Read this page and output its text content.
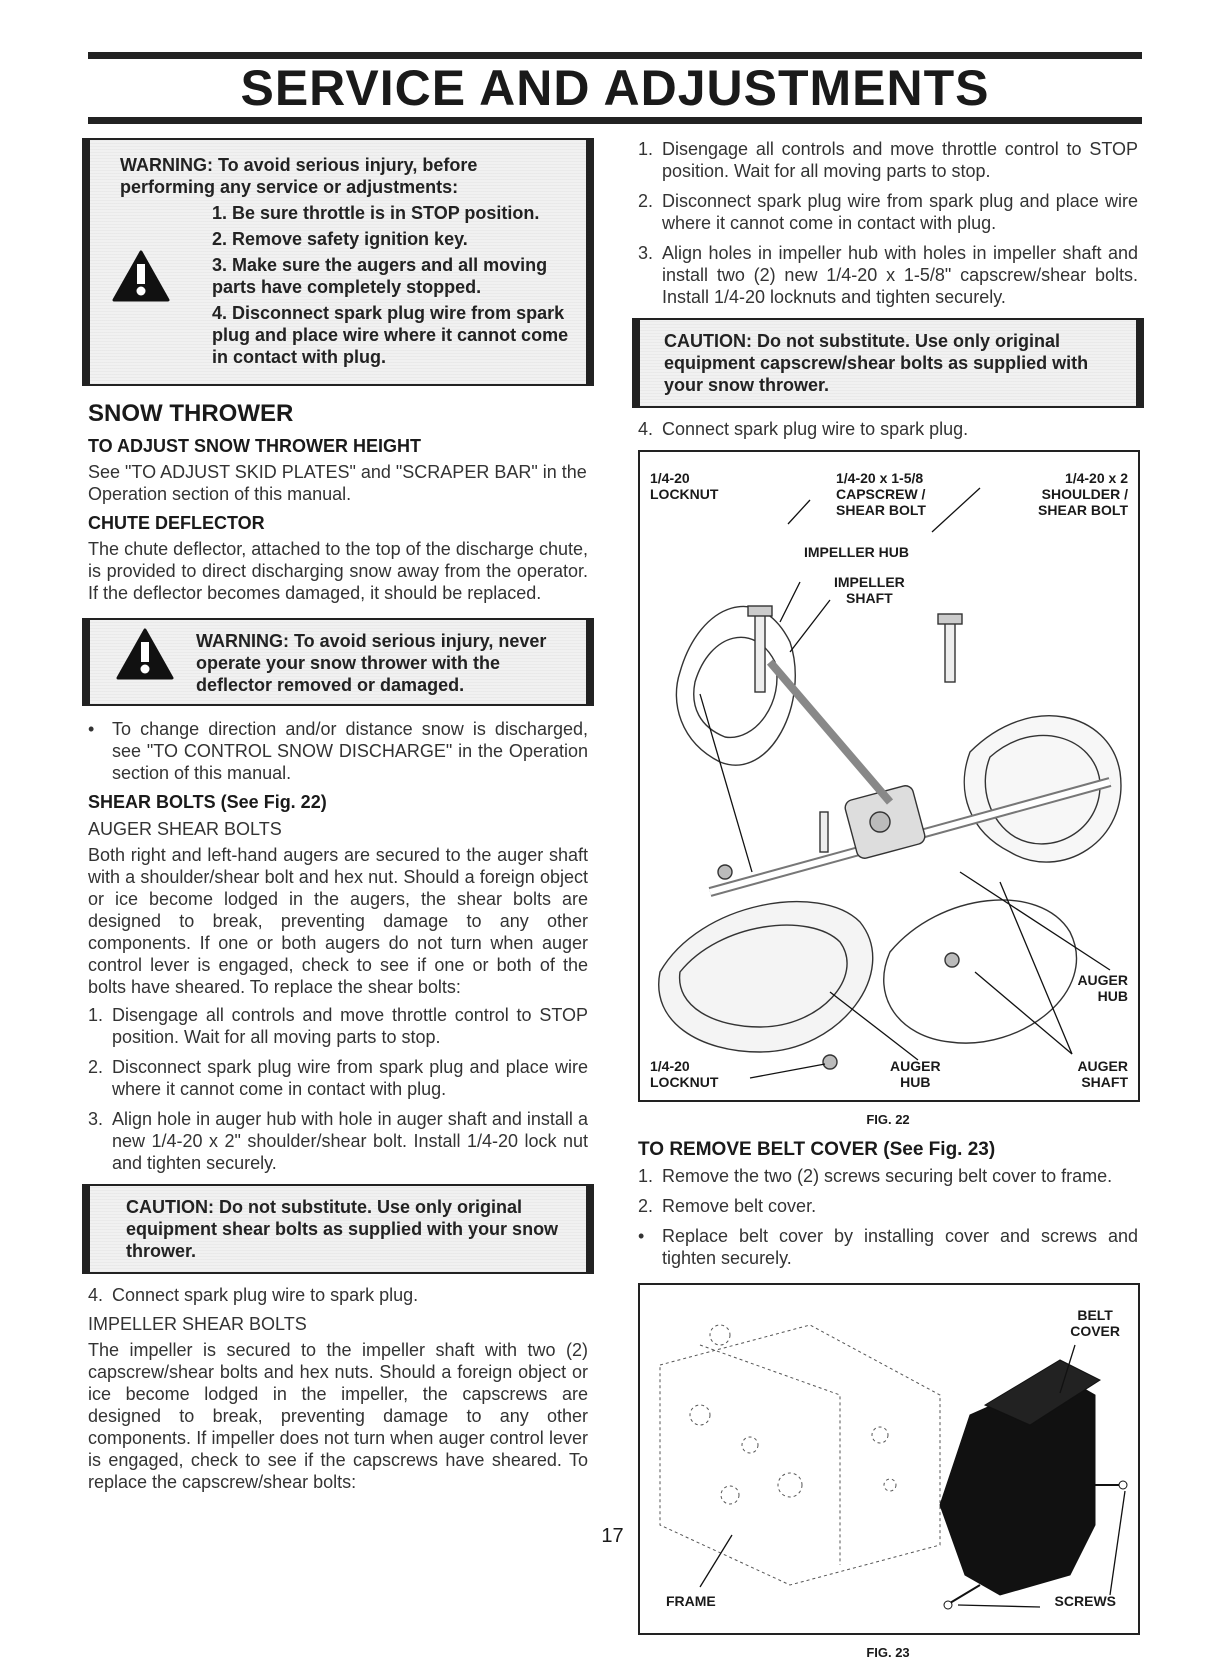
SERVICE AND ADJUSTMENTS
WARNING: To avoid serious injury, before performing any service or adjustments:
1. Be sure throttle is in STOP position.
2. Remove safety ignition key.
3. Make sure the augers and all moving parts have completely stopped.
4. Disconnect spark plug wire from spark plug and place wire where it cannot come in contact with plug.
SNOW THROWER
TO ADJUST SNOW THROWER HEIGHT

See "TO ADJUST SKID PLATES" and "SCRAPER BAR" in the Operation section of this manual.

CHUTE DEFLECTOR

The chute deflector, attached to the top of the discharge chute, is provided to direct discharging snow away from the operator. If the deflector becomes damaged, it should be replaced.

WARNING: To avoid serious injury, never operate your snow thrower with the deflector removed or damaged.
• To change direction and/or distance snow is discharged, see "TO CONTROL SNOW DISCHARGE" in the Operation section of this manual.
SHEAR BOLTS (See Fig. 22)
AUGER SHEAR BOLTS

Both right and left-hand augers are secured to the auger shaft with a shoulder/shear bolt and hex nut. Should a foreign object or ice become lodged in the augers, the shear bolts are designed to break, preventing damage to any other components. If one or both augers do not turn when auger control lever is engaged, check to see if one or both of the bolts have sheared. To replace the shear bolts:

1. Disengage all controls and move throttle control to STOP position. Wait for all moving parts to stop.
2. Disconnect spark plug wire from spark plug and place wire where it cannot come in contact with plug.
3. Align hole in auger hub with hole in auger shaft and install a new 1/4-20 x 2" shoulder/shear bolt. Install 1/4-20 lock nut and tighten securely.
CAUTION: Do not substitute. Use only original equipment shear bolts as supplied with your snow thrower.
4. Connect spark plug wire to spark plug.
IMPELLER SHEAR BOLTS

The impeller is secured to the impeller shaft with two (2) capscrew/shear bolts and hex nuts. Should a foreign object or ice become lodged in the impeller, the capscrews are designed to break, preventing damage to any other components. If impeller does not turn when auger control lever is engaged, check to see if the capscrews have sheared. To replace the capscrew/shear bolts:

1. Disengage all controls and move throttle control to STOP position. Wait for all moving parts to stop.
2. Disconnect spark plug wire from spark plug and place wire where it cannot come in contact with plug.
3. Align holes in impeller hub with holes in impeller shaft and install two (2) new 1/4-20 x 1-5/8" capscrew/shear bolts. Install 1/4-20 locknuts and tighten securely.
CAUTION: Do not substitute. Use only original equipment capscrew/shear bolts as supplied with your snow thrower.
4. Connect spark plug wire to spark plug.
1/4-20
LOCKNUT
1/4-20 x 1-5/8
CAPSCREW /
SHEAR BOLT
1/4-20 x 2
SHOULDER /
SHEAR BOLT
IMPELLER HUB
IMPELLER
SHAFT
AUGER
HUB
1/4-20
LOCKNUT
AUGER
HUB
AUGER
SHAFT
FIG. 22
TO REMOVE BELT COVER (See Fig. 23)
1. Remove the two (2) screws securing belt cover to frame.
2. Remove belt cover.
• Replace belt cover by installing cover and screws and tighten securely.
BELT
COVER
FRAME	SCREWS
FIG. 23
17
